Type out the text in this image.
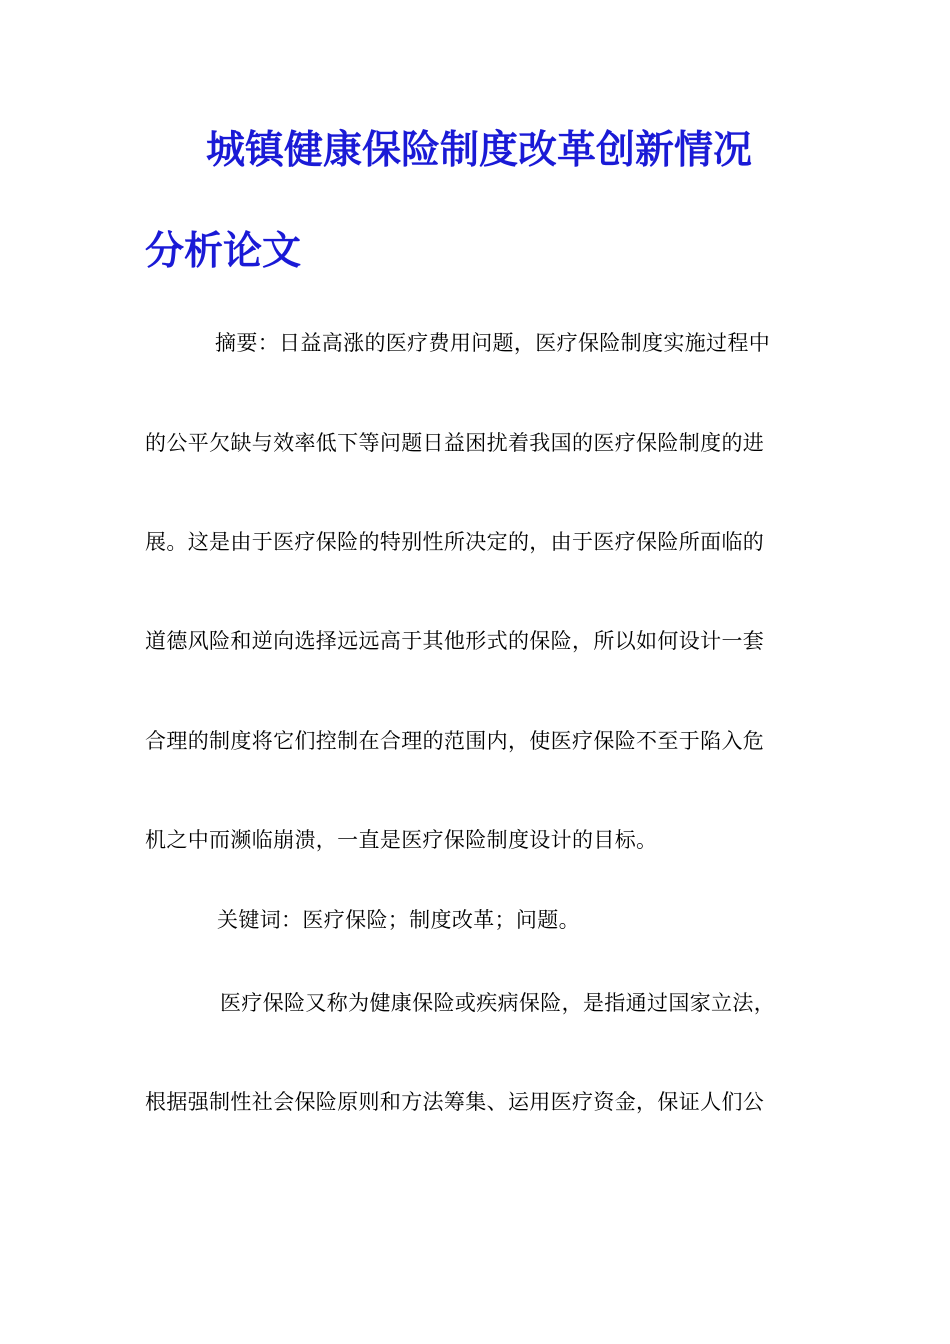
城镇健康保险制度改革创新情况
分析论文

摘要：日益高涨的医疗费用问题，医疗保险制度实施过程中

的公平欠缺与效率低下等问题日益困扰着我国的医疗保险制度的进

展。这是由于医疗保险的特别性所决定的，由于医疗保险所面临的

道德风险和逆向选择远远高于其他形式的保险，所以如何设计一套

合理的制度将它们控制在合理的范围内，使医疗保险不至于陷入危

机之中而濒临崩溃，一直是医疗保险制度设计的目标。

关键词：医疗保险；制度改革；问题。

医疗保险又称为健康保险或疾病保险，是指通过国家立法，

根据强制性社会保险原则和方法筹集、运用医疗资金，保证人们公
